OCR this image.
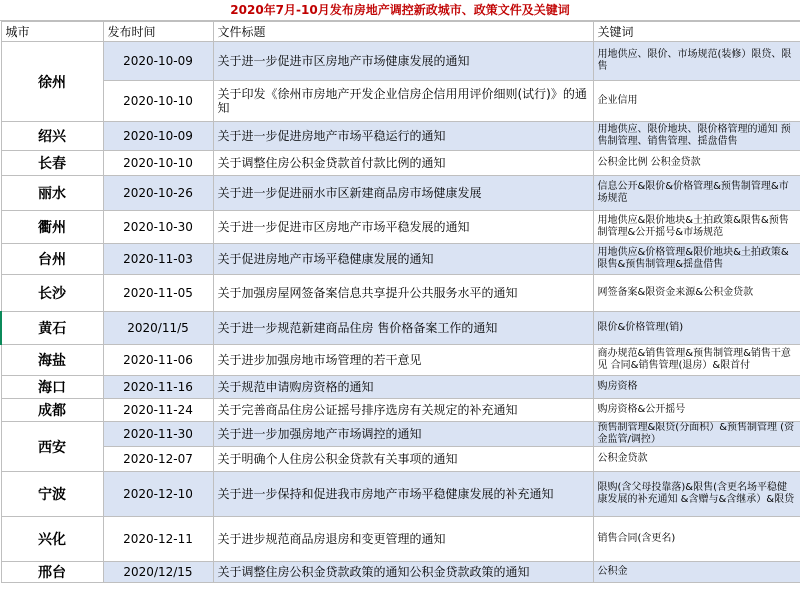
2020年7月-10月发布房地产调控新政城市、政策文件及关键词
城市	发布时间	文件标题	关键词
徐州	2020-10-09	关于进一步促进市区房地产市场健康发展的通知	用地供应、限价、市场规范(装修）限贷、限售
	2020-10-10	关于印发《徐州市房地产开发企业信房企信用用评价细则(试行)》的通知	企业信用
绍兴	2020-10-09	关于进一步促进房地产市场平稳运行的通知	用地供应、限价地块、限价格管理的通知 预售制管理、销售管理、揺盘借售
长春	2020-10-10	关于调整住房公积金贷款首付款比例的通知	公积金比例 公积金贷款
丽水	2020-10-26	关于进一步促进丽水市区新建商品房市场健康发展	信息公开&限价&价格管理&预售制管理&市场规范
衢州	2020-10-30	关于进一步促进市区房地产市场平稳发展的通知	用地供应&限价地块&土拍政策&限售&预售制管理&公开摇号&市场规范
台州	2020-11-03	关于促进房地产市场平稳健康发展的通知	用地供应&价格管理&限价地块&土拍政策&限售&预售制管理&揺盘借售
长沙	2020-11-05	关于加强房屋网签备案信息共享提升公共服务水平的通知	网签备案&限资金来源&公积金贷款
黄石	2020/11/5	关于进一步规范新建商品住房 售价格备案工作的通知	限价&价格管理(销)
海盐	2020-11-06	关于进步加强房地市场管理的若干意见	商办规范&销售管理&预售制管理&销售干意见 合同&销售管理(退房）&限首付
海口	2020-11-16	关于规范申请购房资格的通知	购房资格
成都	2020-11-24	关于完善商品住房公证摇号排序选房有关规定的补充通知	购房资格&公开摇号
西安	2020-11-30	关于进一步加强房地产市场调控的通知	预售制管理&限贷(分面积）&预售制管理 (资金监管/调控）
	2020-12-07	关于明确个人住房公积金贷款有关事项的通知	公积金贷款
宁波	2020-12-10	关于进一步保持和促进我市房地产市场平稳健康发展的补充通知	限购(含父母投靠落)&限售(含更名场平稳健康发展的补充通知 &含赠与&含继承）&限贷
兴化	2020-12-11	关于进步规范商品房退房和变更管理的通知	销售合同(含更名)
邢台	2020/12/15	关于调整住房公积金贷款政策的通知公积金贷款政策的通知	公积金
